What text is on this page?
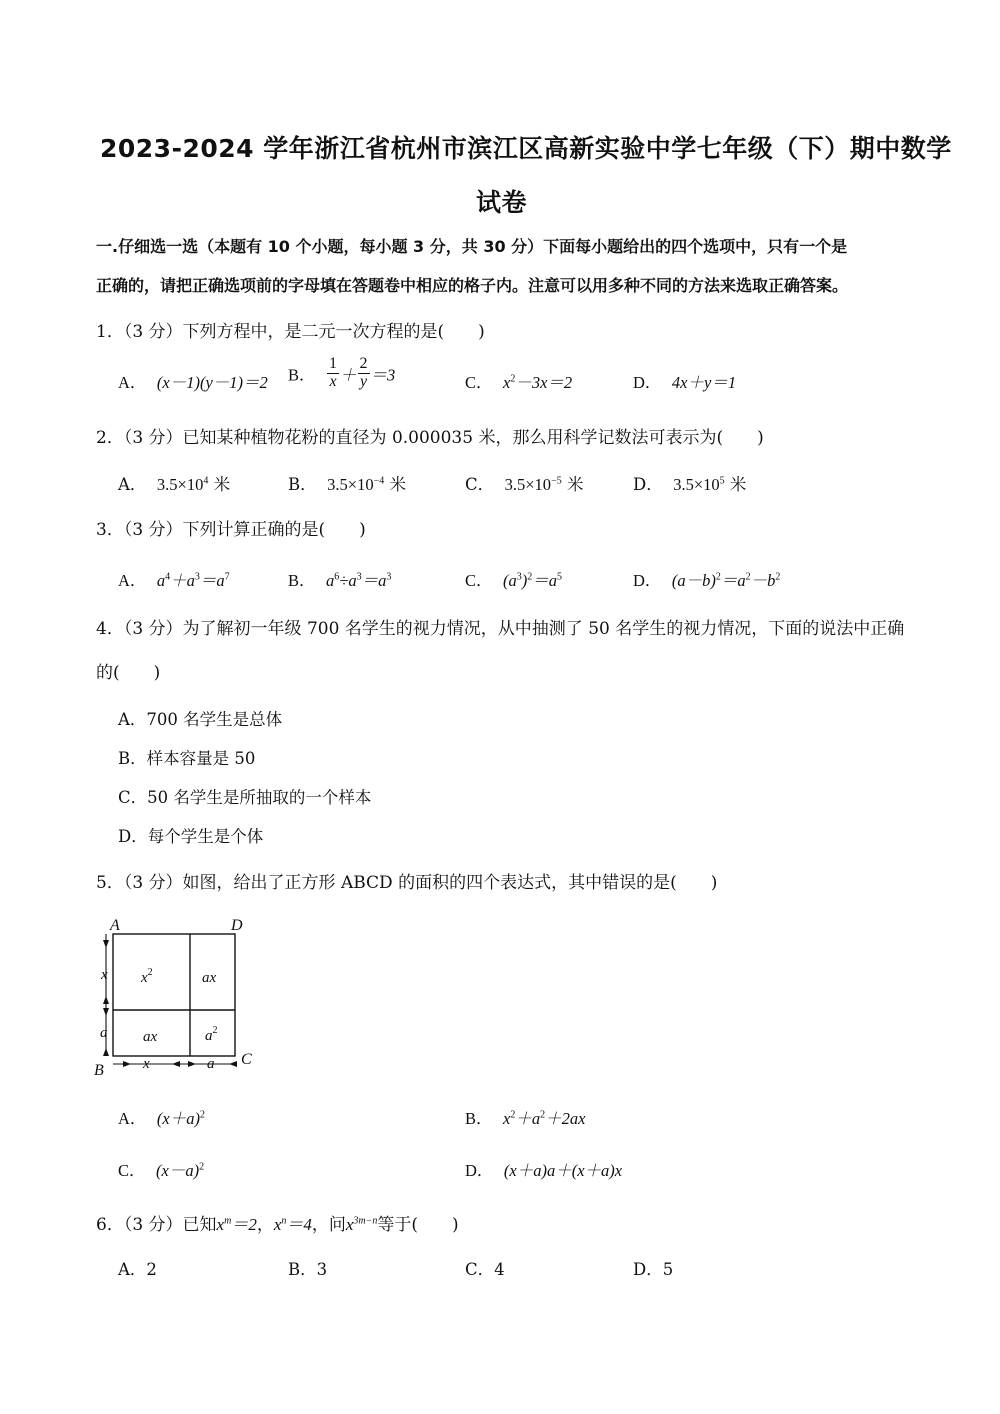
2023-2024 学年浙江省杭州市滨江区高新实验中学七年级（下）期中数学
试卷
一.仔细选一选（本题有 10 个小题，每小题 3 分，共 30 分）下面每小题给出的四个选项中，只有一个是
正确的，请把正确选项前的字母填在答题卷中相应的格子内。注意可以用多种不同的方法来选取正确答案。
1．（3 分）下列方程中，是二元一次方程的是(　　)
A． (x－1)(y－1)＝2 B． $\frac{1}{x} + \frac{2}{y} =3$	C． $x^2-3x=2$	D． 4x＋y＝1
2．（3 分）已知某种植物花粉的直径为 0.000035 米，那么用科学记数法可表示为(　　)
A． $3.5\times 10^4$ 米	B． $3.5\times 10^{-4}$ 米	C． $3.5\times 10^{-5}$ 米	D． $3.5\times 10^5$ 米
3．（3 分）下列计算正确的是(　　)
A． $a^4+a^3=a^7$	B． $a^6\div a^3=a^3$	C． $(a^3)^2=a^5$	D． $(a-b)^2=a^2-b^2$
4．（3 分）为了解初一年级 700 名学生的视力情况，从中抽测了 50 名学生的视力情况，下面的说法中正确
的(　　)
A．700 名学生是总体
B．样本容量是 50
C．50 名学生是所抽取的一个样本
D．每个学生是个体
5．（3 分）如图，给出了正方形 ABCD 的面积的四个表达式，其中错误的是(　　)
A	D
B
C
$x^2$	ax
ax	$a^2$
x
a
x	a
A． $(x+a)^2$	B． $x^2+a^2+2ax$
C． $(x-a)^2$	D． (x＋a)a＋(x＋a)x
6．（3 分）已知$x^m=2$，$x^n=4$，问$x^{3m-n}$等于(　　)
A．2	B．3	C．4	D．5
